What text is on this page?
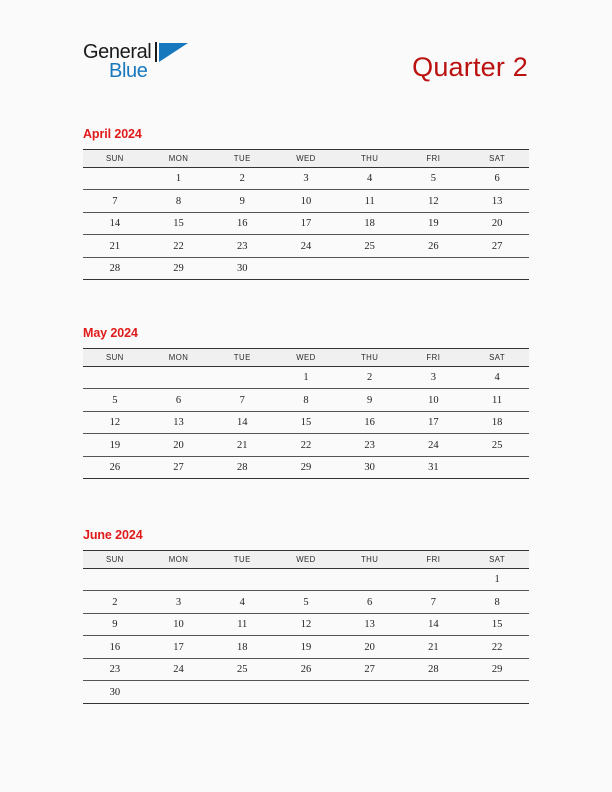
General
Blue	Quarter 2
April 2024
SUN	MON	TUE	WED	THU	FRI	SAT
	1	2	3	4	5	6
7	8	9	10	11	12	13
14	15	16	17	18	19	20
21	22	23	24	25	26	27
28	29	30				
May 2024
SUN	MON	TUE	WED	THU	FRI	SAT
			1	2	3	4
5	6	7	8	9	10	11
12	13	14	15	16	17	18
19	20	21	22	23	24	25
26	27	28	29	30	31	
June 2024
SUN	MON	TUE	WED	THU	FRI	SAT
						1
2	3	4	5	6	7	8
9	10	11	12	13	14	15
16	17	18	19	20	21	22
23	24	25	26	27	28	29
30						
